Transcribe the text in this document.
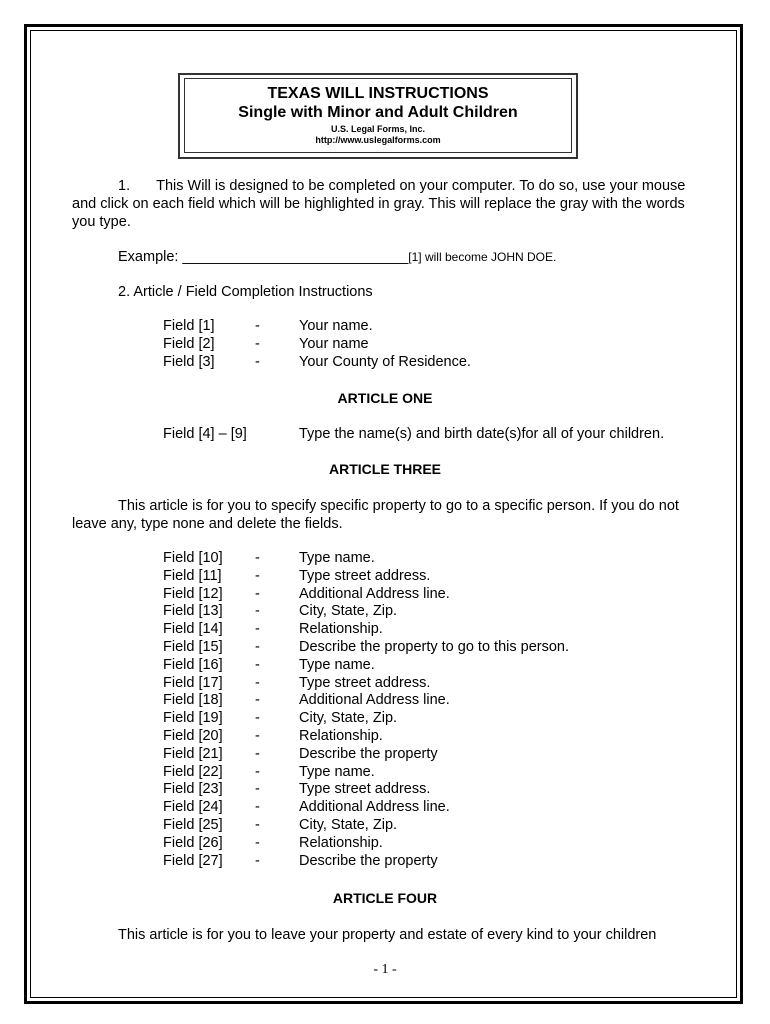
TEXAS WILL INSTRUCTIONS
Single with Minor and Adult Children
U.S. Legal Forms, Inc.
http://www.uslegalforms.com
1. This Will is designed to be completed on your computer. To do so, use your mouse and click on each field which will be highlighted in gray. This will replace the gray with the words you type.
Example: ____________________________[1] will become JOHN DOE.
2. Article / Field Completion Instructions
Field [1]	-	Your name.
Field [2]	-	Your name
Field [3]	-	Your County of Residence.
ARTICLE ONE
Field [4] – [9]	Type the name(s) and birth date(s)for all of your children.
ARTICLE THREE
This article is for you to specify specific property to go to a specific person. If you do not leave any, type none and delete the fields.
Field [10]	-	Type name.
Field [11]	-	Type street address.
Field [12]	-	Additional Address line.
Field [13]	-	City, State, Zip.
Field [14]	-	Relationship.
Field [15]	-	Describe the property to go to this person.
Field [16]	-	Type name.
Field [17]	-	Type street address.
Field [18]	-	Additional Address line.
Field [19]	-	City, State, Zip.
Field [20]	-	Relationship.
Field [21]	-	Describe the property
Field [22]	-	Type name.
Field [23]	-	Type street address.
Field [24]	-	Additional Address line.
Field [25]	-	City, State, Zip.
Field [26]	-	Relationship.
Field [27]	-	Describe the property
ARTICLE FOUR
This article is for you to leave your property and estate of every kind to your children
- 1 -
